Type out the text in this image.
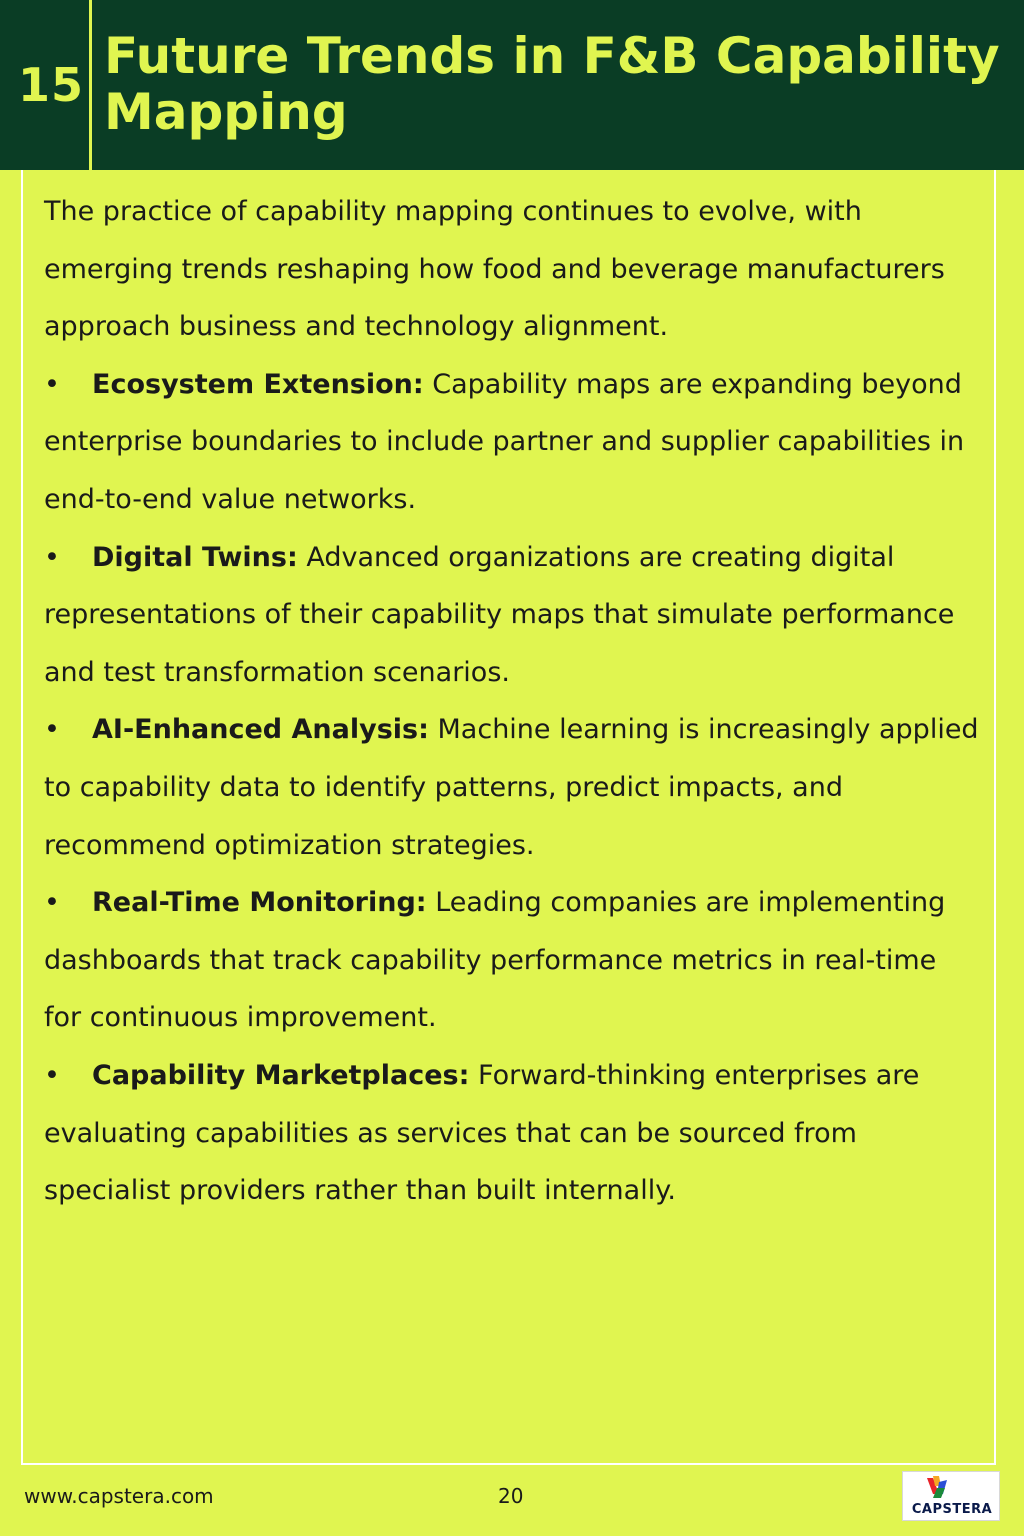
15 Future Trends in F&B Capability Mapping

The practice of capability mapping continues to evolve, with emerging trends reshaping how food and beverage manufacturers approach business and technology alignment.

• Ecosystem Extension: Capability maps are expanding beyond enterprise boundaries to include partner and supplier capabilities in end-to-end value networks.

• Digital Twins: Advanced organizations are creating digital representations of their capability maps that simulate performance and test transformation scenarios.

• AI-Enhanced Analysis: Machine learning is increasingly applied to capability data to identify patterns, predict impacts, and recommend optimization strategies.

• Real-Time Monitoring: Leading companies are implementing dashboards that track capability performance metrics in real-time for continuous improvement.

• Capability Marketplaces: Forward-thinking enterprises are evaluating capabilities as services that can be sourced from specialist providers rather than built internally.

www.capstera.com	20
CAPSTERA
